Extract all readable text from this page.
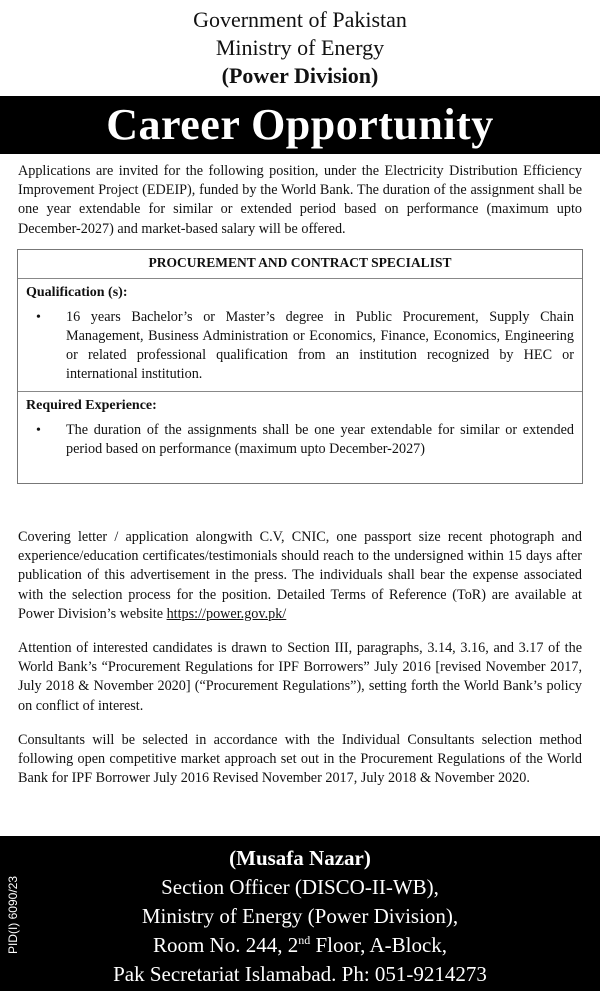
Government of Pakistan
Ministry of Energy
(Power Division)
Career Opportunity

Applications are invited for the following position, under the Electricity Distribution Efficiency Improvement Project (EDEIP), funded by the World Bank. The duration of the assignment shall be one year extendable for similar or extended period based on performance (maximum upto December-2027) and market-based salary will be offered.

PROCUREMENT AND CONTRACT SPECIALIST
Qualification (s):
•	16 years Bachelor’s or Master’s degree in Public Procurement, Supply Chain Management, Business Administration or Economics, Finance, Economics, Engineering or related professional qualification from an institution recognized by HEC or international institution.
Required Experience:
•	The duration of the assignments shall be one year extendable for similar or extended period based on performance (maximum upto December-2027)

Covering letter / application alongwith C.V, CNIC, one passport size recent photograph and experience/education certificates/testimonials should reach to the undersigned within 15 days after publication of this advertisement in the press. The individuals shall bear the expense associated with the selection process for the position. Detailed Terms of Reference (ToR) are available at Power Division’s website https://power.gov.pk/

Attention of interested candidates is drawn to Section III, paragraphs, 3.14, 3.16, and 3.17 of the World Bank’s “Procurement Regulations for IPF Borrowers” July 2016 [revised November 2017, July 2018 & November 2020] (“Procurement Regulations”), setting forth the World Bank’s policy on conflict of interest.

Consultants will be selected in accordance with the Individual Consultants selection method following open competitive market approach set out in the Procurement Regulations of the World Bank for IPF Borrower July 2016 Revised November 2017, July 2018 & November 2020.

(Musafa Nazar)
Section Officer (DISCO-II-WB),
Ministry of Energy (Power Division),
Room No. 244, 2nd Floor, A-Block,
Pak Secretariat Islamabad. Ph: 051-9214273
PID(I) 6090/23
